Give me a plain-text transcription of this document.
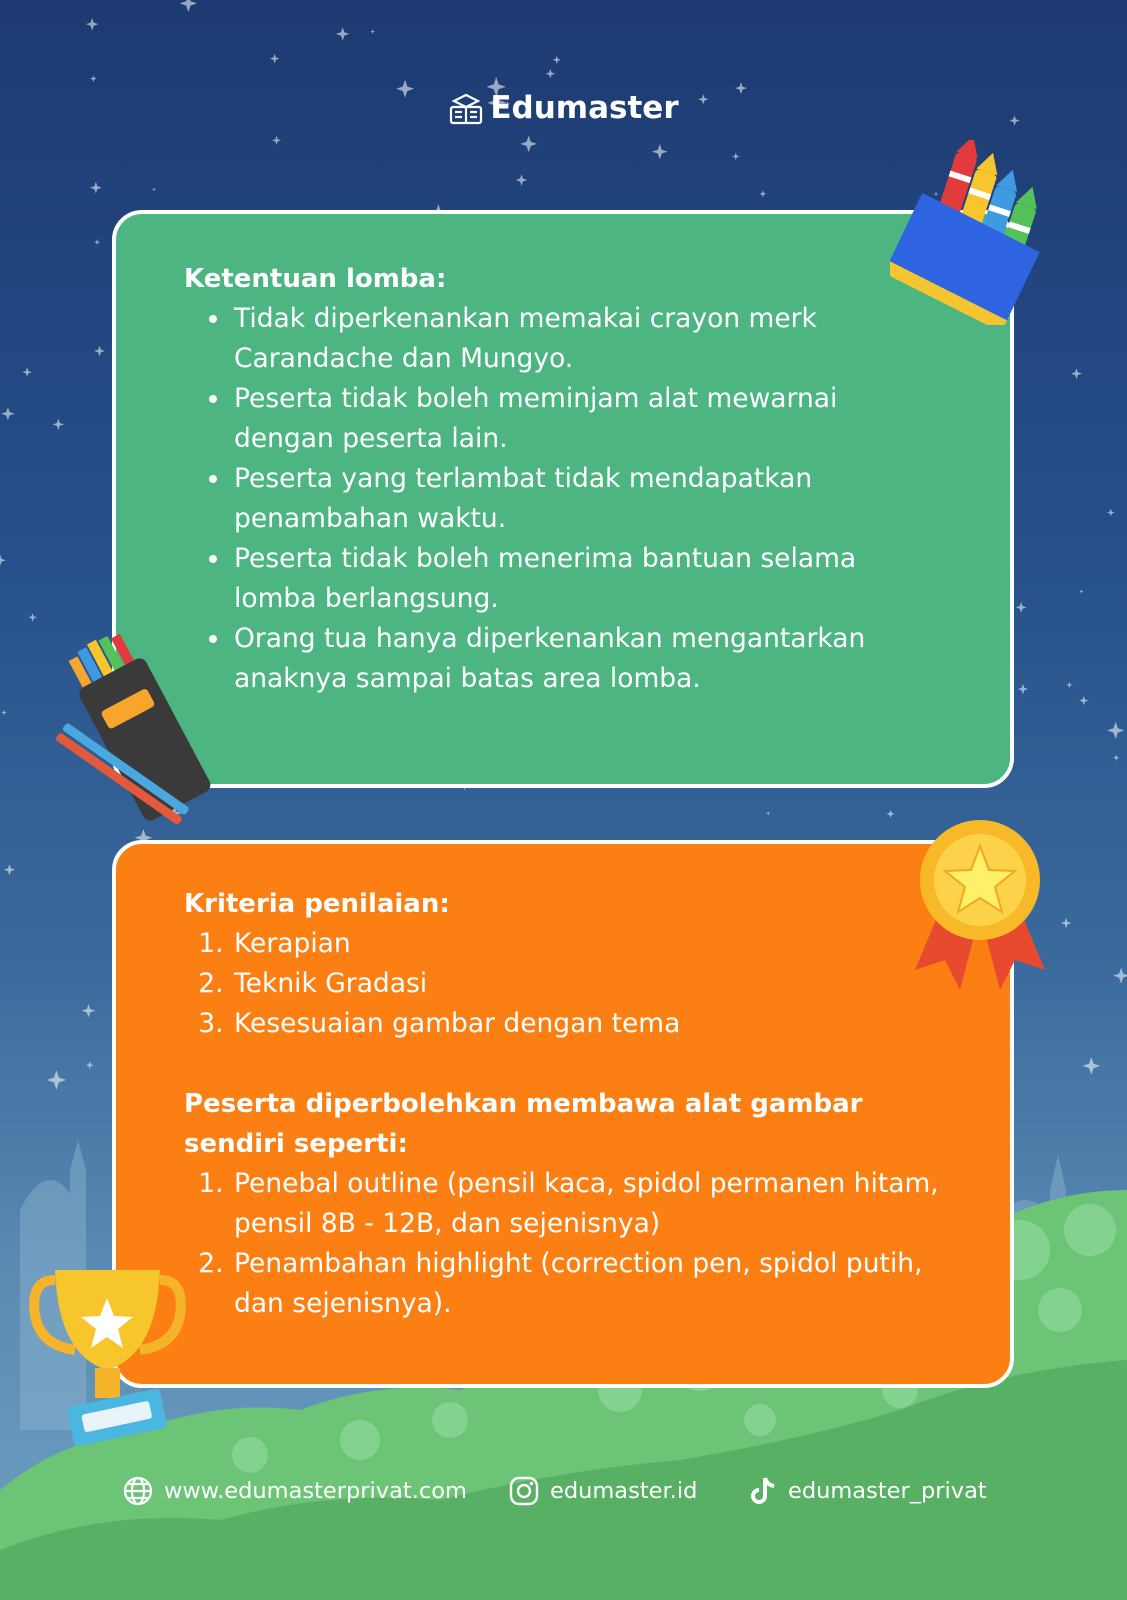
Edumaster

Ketentuan lomba:

• Tidak diperkenankan memakai crayon merk Carandache dan Mungyo.
• Peserta tidak boleh meminjam alat mewarnai dengan peserta lain.
• Peserta yang terlambat tidak mendapatkan penambahan waktu.
• Peserta tidak boleh menerima bantuan selama lomba berlangsung.
• Orang tua hanya diperkenankan mengantarkan anaknya sampai batas area lomba.

Kriteria penilaian:

1. Kerapian
2. Teknik Gradasi
3. Kesesuaian gambar dengan tema

Peserta diperbolehkan membawa alat gambar sendiri seperti:

1. Penebal outline (pensil kaca, spidol permanen hitam, pensil 8B - 12B, dan sejenisnya)
2. Penambahan highlight (correction pen, spidol putih, dan sejenisnya).
www.edumasterprivat.com	edumaster.id	edumaster_privat
